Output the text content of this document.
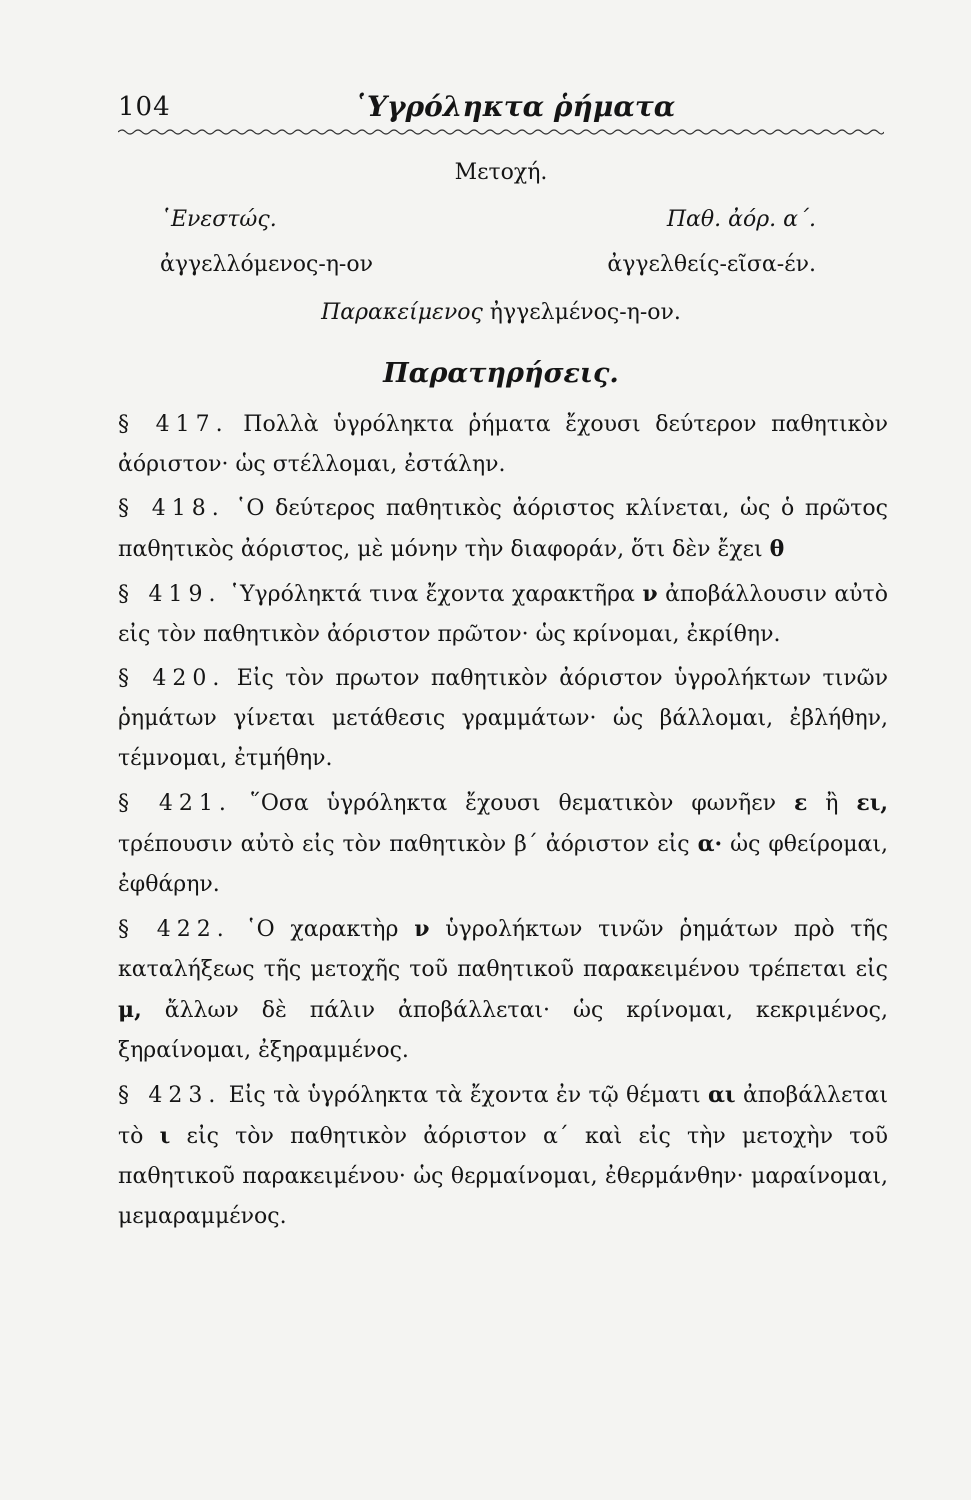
104	῾Υγρόληκτα ῥήματα
Μετοχή.
῾Ενεστώς.	Παθ. ἀόρ. α΄.
ἀγγελλόμενος-η-ον	ἀγγελθείς-εῖσα-έν.
Παρακείμενος ἠγγελμένος-η-ον.
Παρατηρήσεις.

§ 417. Πολλὰ ὑγρόληκτα ῥήματα ἔχουσι δεύτερον παθητικὸν ἀόριστον· ὡς στέλλομαι, ἐστάλην.

§ 418. ῾Ο δεύτερος παθητικὸς ἀόριστος κλίνεται, ὡς ὁ πρῶτος παθητικὸς ἀόριστος, μὲ μόνην τὴν διαφοράν, ὅτι δὲν ἔχει θ

§ 419. ῾Υγρόληκτά τινα ἔχοντα χαρακτῆρα ν ἀποβάλλουσιν αὐτὸ εἰς τὸν παθητικὸν ἀόριστον πρῶτον· ὡς κρίνομαι, ἐκρίθην.

§ 420. Εἰς τὸν πρωτον παθητικὸν ἀόριστον ὑγρολήκτων τινῶν ῥημάτων γίνεται μετάθεσις γραμμάτων· ὡς βάλλομαι, ἐβλήθην, τέμνομαι, ἐτμήθην.

§ 421. ῞Οσα ὑγρόληκτα ἔχουσι θεματικὸν φωνῆεν ε ἢ ει, τρέπουσιν αὐτὸ εἰς τὸν παθητικὸν β΄ ἀόριστον εἰς α· ὡς φθείρομαι, ἐφθάρην.

§ 422. ῾Ο χαρακτὴρ ν ὑγρολήκτων τινῶν ῥημάτων πρὸ τῆς καταλήξεως τῆς μετοχῆς τοῦ παθητικοῦ παρακειμένου τρέπεται εἰς μ, ἄλλων δὲ πάλιν ἀποβάλλεται· ὡς κρίνομαι, κεκριμένος, ξηραίνομαι, ἐξηραμμένος.

§ 423. Εἰς τὰ ὑγρόληκτα τὰ ἔχοντα ἐν τῷ θέματι αι ἀποβάλλεται τὸ ι εἰς τὸν παθητικὸν ἀόριστον α΄ καὶ εἰς τὴν μετοχὴν τοῦ παθητικοῦ παρακειμένου· ὡς θερμαίνομαι, ἐθερμάνθην· μαραίνομαι, μεμαραμμένος.
